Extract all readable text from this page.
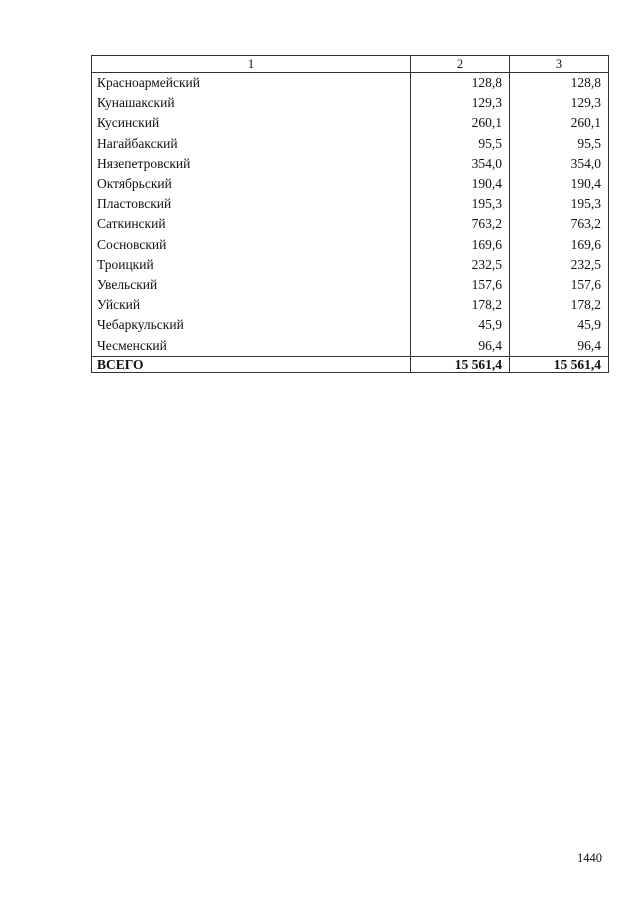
1	2	3
Красноармейский	128,8	128,8
Кунашакский	129,3	129,3
Кусинский	260,1	260,1
Нагайбакский	95,5	95,5
Нязепетровский	354,0	354,0
Октябрьский	190,4	190,4
Пластовский	195,3	195,3
Саткинский	763,2	763,2
Сосновский	169,6	169,6
Троицкий	232,5	232,5
Увельский	157,6	157,6
Уйский	178,2	178,2
Чебаркульский	45,9	45,9
Чесменский	96,4	96,4
ВСЕГО	15 561,4	15 561,4
1440
